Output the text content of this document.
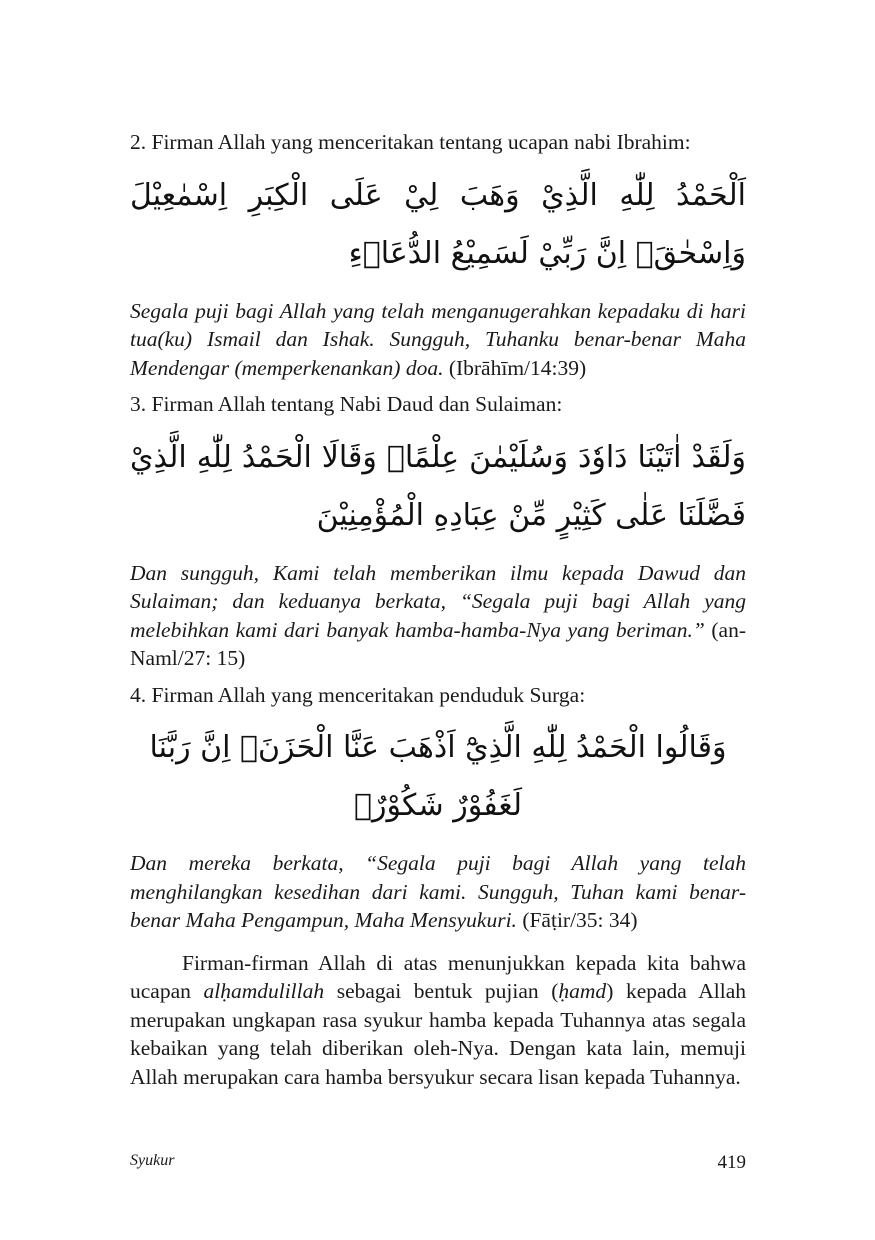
2. Firman Allah yang menceritakan tentang ucapan nabi Ibrahim:

اَلْحَمْدُ لِلّٰهِ الَّذِيْ وَهَبَ لِيْ عَلَى الْكِبَرِ اِسْمٰعِيْلَ وَاِسْحٰقَۗ اِنَّ رَبِّيْ لَسَمِيْعُ الدُّعَاۤءِ

Segala puji bagi Allah yang telah menganugerahkan kepadaku di hari tua(ku) Ismail dan Ishak. Sungguh, Tuhanku benar-benar Maha Mendengar (memperkenankan) doa. (Ibrāhīm/14:39)

3. Firman Allah tentang Nabi Daud dan Sulaiman:

وَلَقَدْ اٰتَيْنَا دَاوٗدَ وَسُلَيْمٰنَ عِلْمًاۚ وَقَالَا الْحَمْدُ لِلّٰهِ الَّذِيْ فَضَّلَنَا عَلٰى كَثِيْرٍ مِّنْ عِبَادِهِ الْمُؤْمِنِيْنَ

Dan sungguh, Kami telah memberikan ilmu kepada Dawud dan Sulaiman; dan keduanya berkata, “Segala puji bagi Allah yang melebihkan kami dari banyak hamba-hamba-Nya yang beriman.” (an-Naml/27: 15)

4. Firman Allah yang menceritakan penduduk Surga:

وَقَالُوا الْحَمْدُ لِلّٰهِ الَّذِيْٓ اَذْهَبَ عَنَّا الْحَزَنَۗ اِنَّ رَبَّنَا لَغَفُوْرٌ شَكُوْرٌۙ

Dan mereka berkata, “Segala puji bagi Allah yang telah menghilangkan kesedihan dari kami. Sungguh, Tuhan kami benar-benar Maha Pengampun, Maha Mensyukuri. (Fāṭir/35: 34)

Firman-firman Allah di atas menunjukkan kepada kita bahwa ucapan alḥamdulillah sebagai bentuk pujian (ḥamd) kepada Allah merupakan ungkapan rasa syukur hamba kepada Tuhannya atas segala kebaikan yang telah diberikan oleh-Nya. Dengan kata lain, memuji Allah merupakan cara hamba bersyukur secara lisan kepada Tuhannya.

Syukur	419
